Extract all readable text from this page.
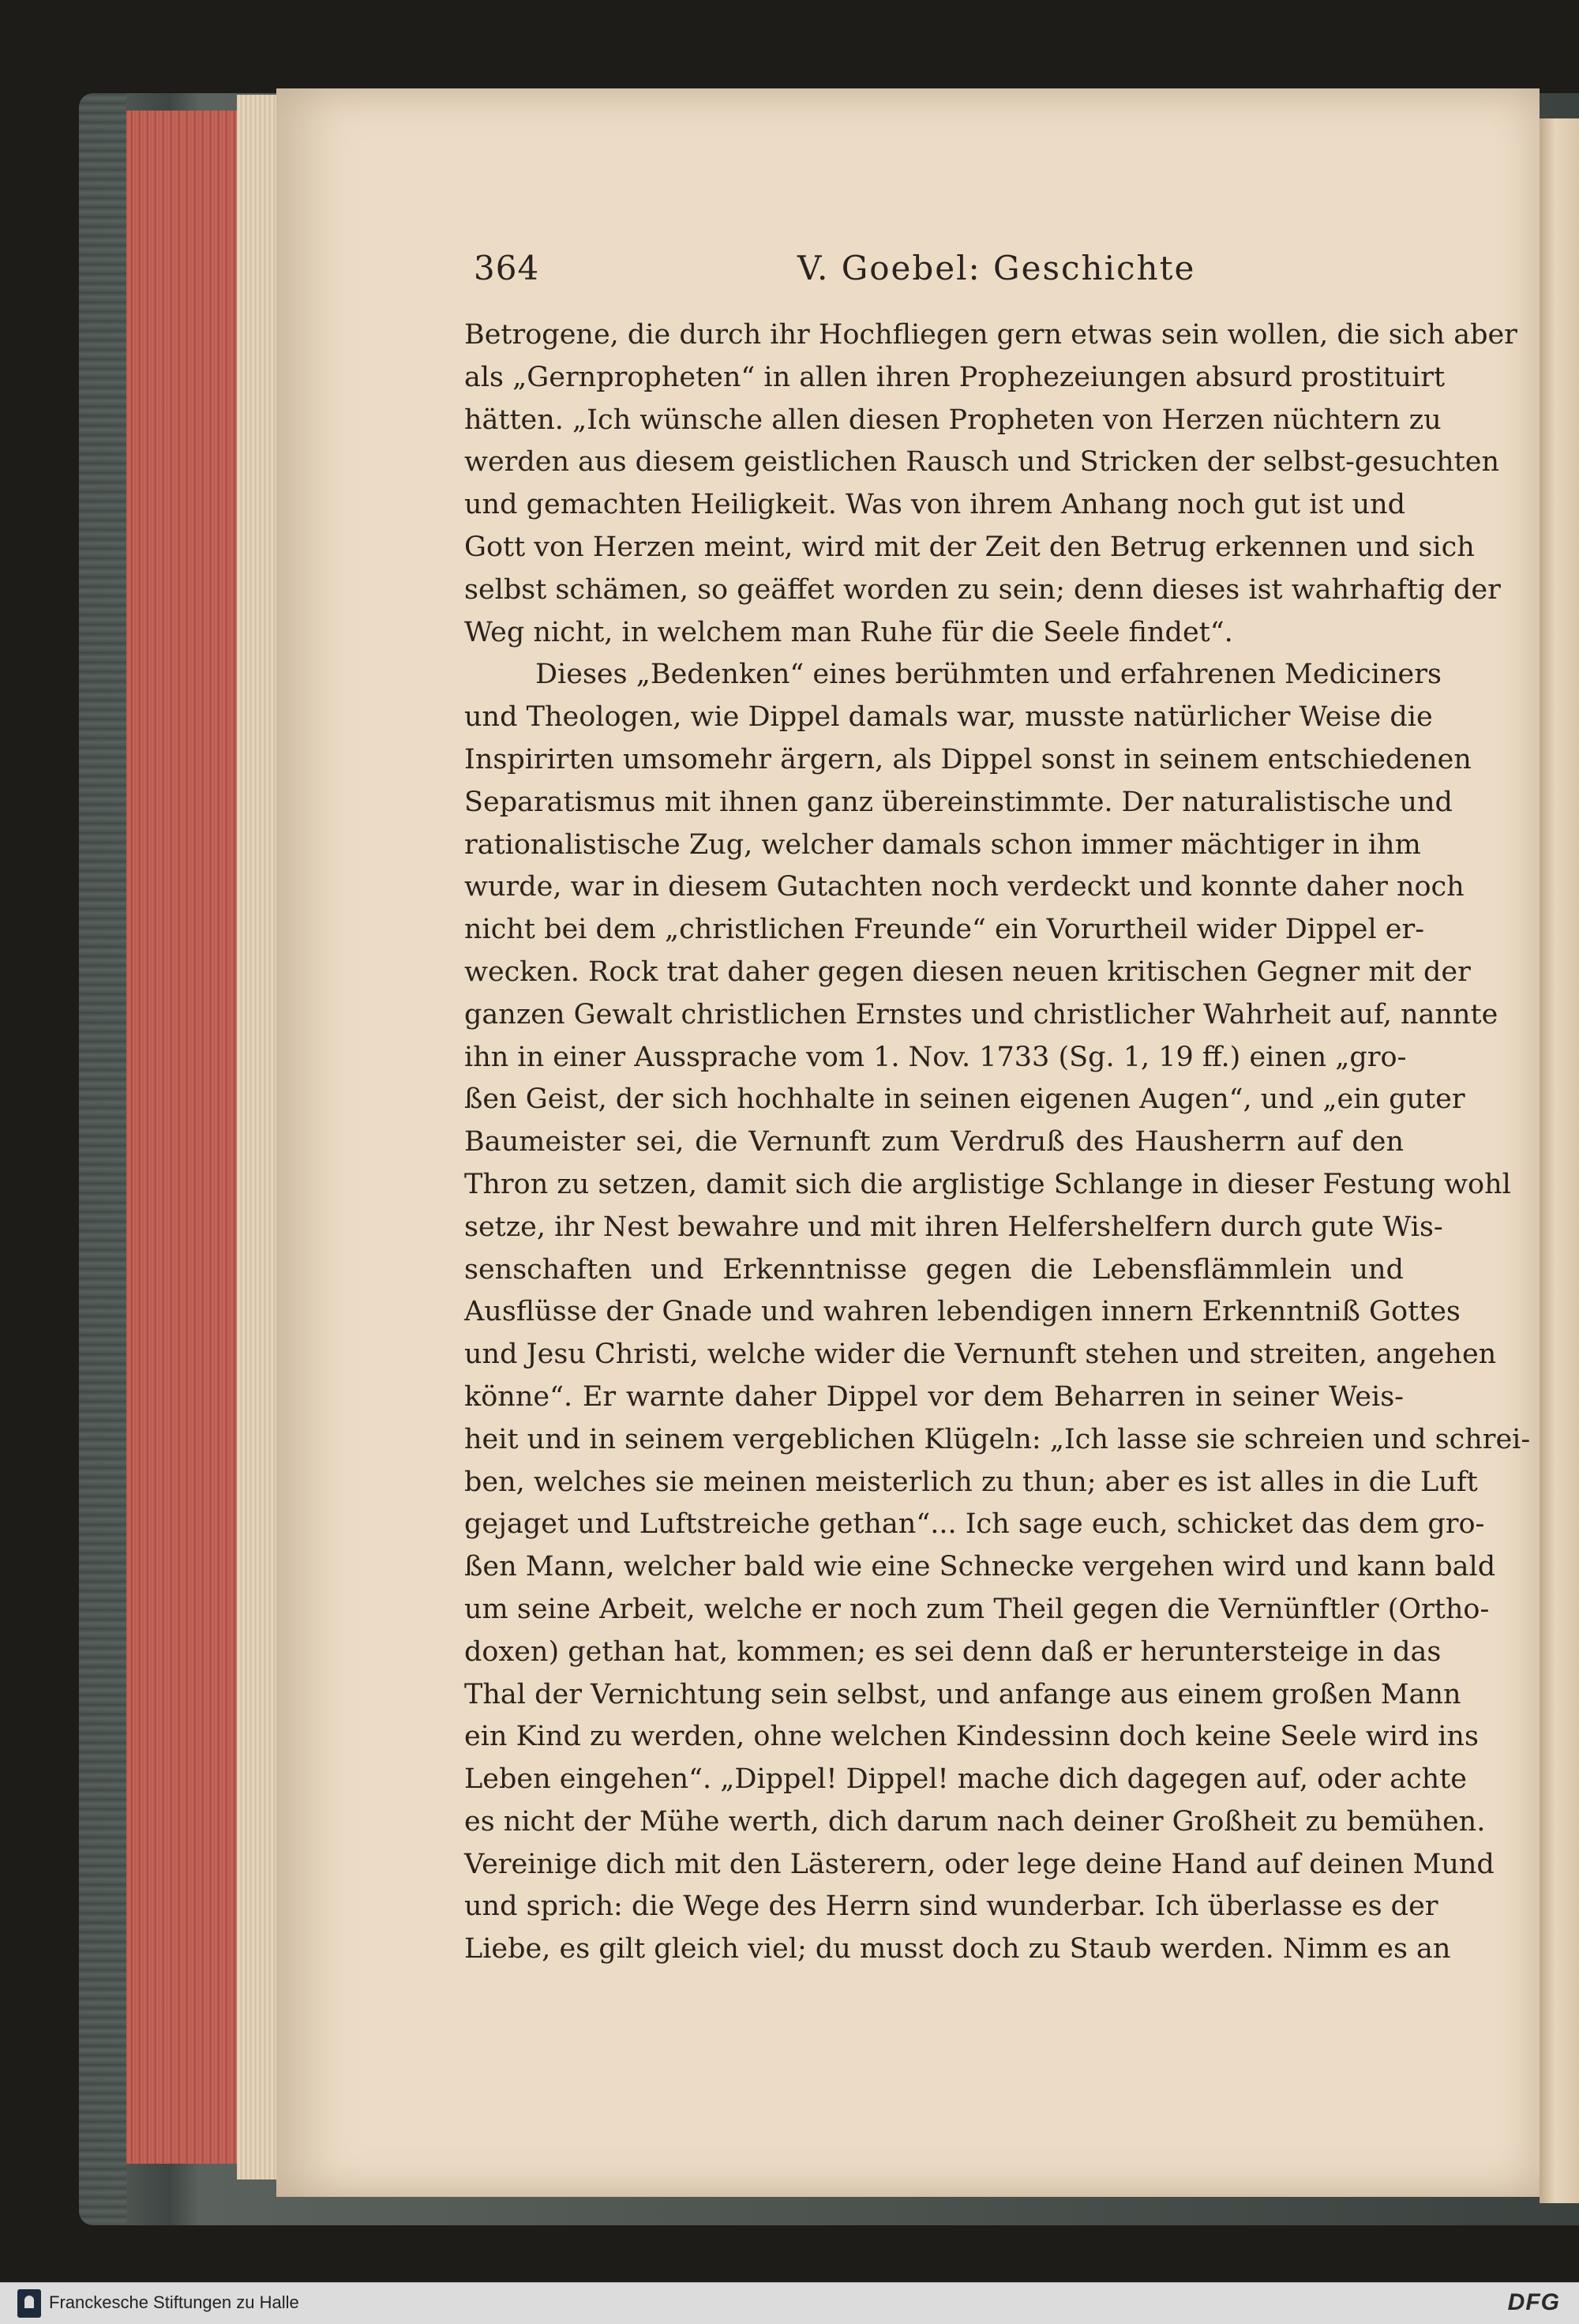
364	V. Goebel: Geschichte
Betrogene, die durch ihr Hochfliegen gern etwas sein wollen, die sich aber
als „Gernpropheten“ in allen ihren Prophezeiungen absurd prostituirt
hätten. „Ich wünsche allen diesen Propheten von Herzen nüchtern zu
werden aus diesem geistlichen Rausch und Stricken der selbst-gesuchten
und gemachten Heiligkeit. Was von ihrem Anhang noch gut ist und
Gott von Herzen meint, wird mit der Zeit den Betrug erkennen und sich
selbst schämen, so geäffet worden zu sein; denn dieses ist wahrhaftig der
Weg nicht, in welchem man Ruhe für die Seele findet“.
Dieses „Bedenken“ eines berühmten und erfahrenen Mediciners
und Theologen, wie Dippel damals war, musste natürlicher Weise die
Inspirirten umsomehr ärgern, als Dippel sonst in seinem entschiedenen
Separatismus mit ihnen ganz übereinstimmte. Der naturalistische und
rationalistische Zug, welcher damals schon immer mächtiger in ihm
wurde, war in diesem Gutachten noch verdeckt und konnte daher noch
nicht bei dem „christlichen Freunde“ ein Vorurtheil wider Dippel er-
wecken. Rock trat daher gegen diesen neuen kritischen Gegner mit der
ganzen Gewalt christlichen Ernstes und christlicher Wahrheit auf, nannte
ihn in einer Aussprache vom 1. Nov. 1733 (Sg. 1, 19 ff.) einen „gro-
ßen Geist, der sich hochhalte in seinen eigenen Augen“, und „ein guter
Baumeister sei, die Vernunft zum Verdruß des Hausherrn auf den
Thron zu setzen, damit sich die arglistige Schlange in dieser Festung wohl
setze, ihr Nest bewahre und mit ihren Helfershelfern durch gute Wis-
senschaften und Erkenntnisse gegen die Lebensflämmlein und
Ausflüsse der Gnade und wahren lebendigen innern Erkenntniß Gottes
und Jesu Christi, welche wider die Vernunft stehen und streiten, angehen
könne“. Er warnte daher Dippel vor dem Beharren in seiner Weis-
heit und in seinem vergeblichen Klügeln: „Ich lasse sie schreien und schrei-
ben, welches sie meinen meisterlich zu thun; aber es ist alles in die Luft
gejaget und Luftstreiche gethan“... Ich sage euch, schicket das dem gro-
ßen Mann, welcher bald wie eine Schnecke vergehen wird und kann bald
um seine Arbeit, welche er noch zum Theil gegen die Vernünftler (Ortho-
doxen) gethan hat, kommen; es sei denn daß er heruntersteige in das
Thal der Vernichtung sein selbst, und anfange aus einem großen Mann
ein Kind zu werden, ohne welchen Kindessinn doch keine Seele wird ins
Leben eingehen“. „Dippel! Dippel! mache dich dagegen auf, oder achte
es nicht der Mühe werth, dich darum nach deiner Großheit zu bemühen.
Vereinige dich mit den Lästerern, oder lege deine Hand auf deinen Mund
und sprich: die Wege des Herrn sind wunderbar. Ich überlasse es der
Liebe, es gilt gleich viel; du musst doch zu Staub werden. Nimm es an
Franckesche Stiftungen zu Halle	DFG
